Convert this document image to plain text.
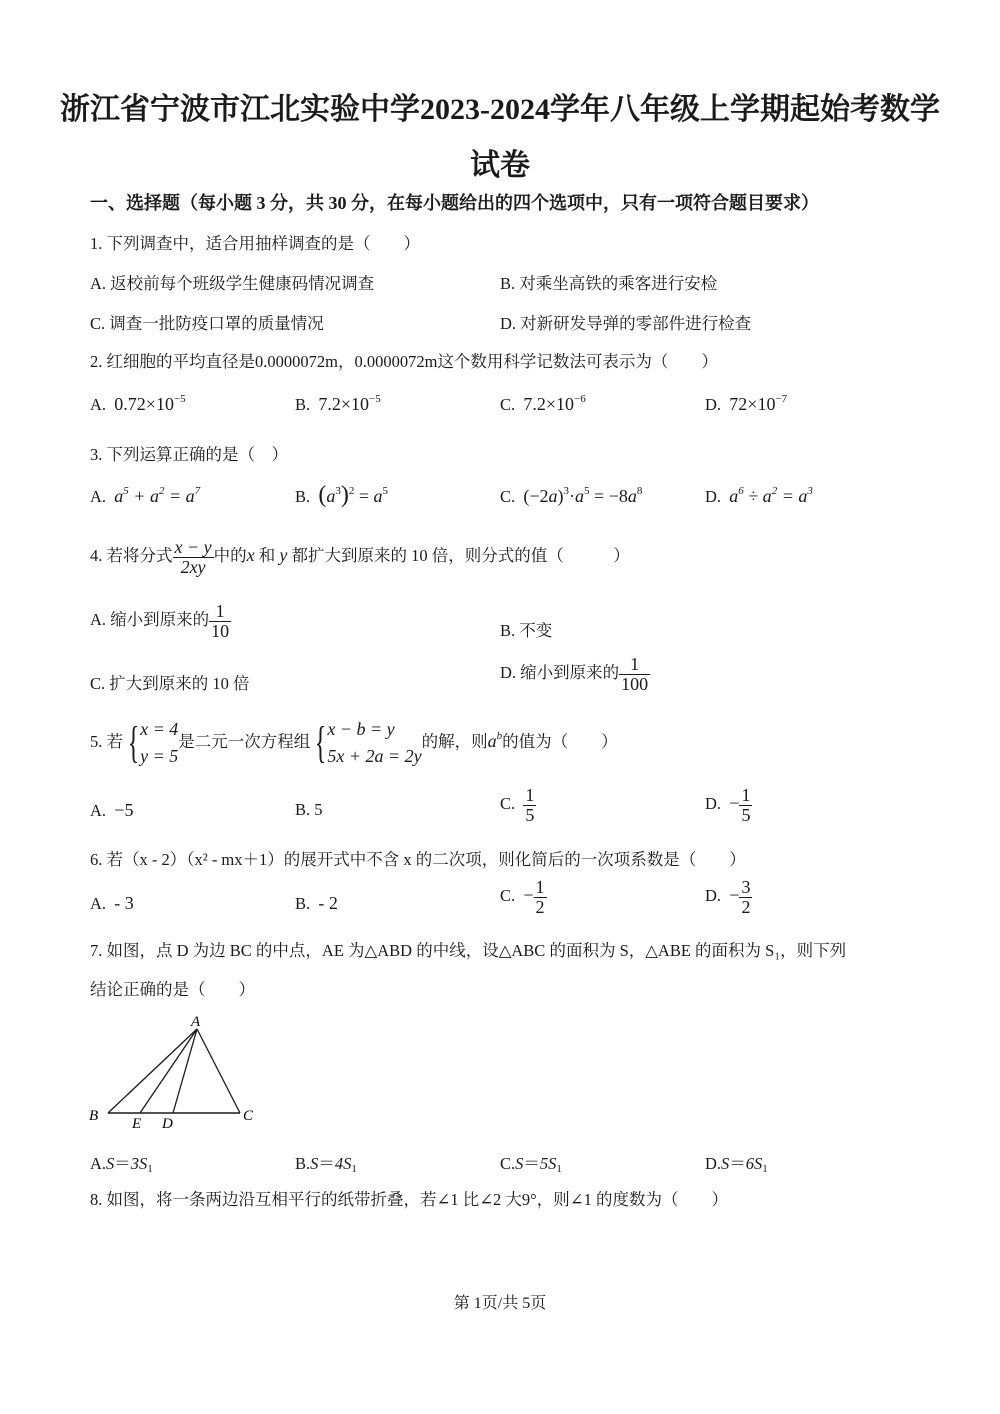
浙江省宁波市江北实验中学2023-2024学年八年级上学期起始考数学
试卷
一、选择题（每小题 3 分，共 30 分，在每小题给出的四个选项中，只有一项符合题目要求）
1. 下列调查中，适合用抽样调查的是（　　）
A. 返校前每个班级学生健康码情况调查	B. 对乘坐高铁的乘客进行安检
C. 调查一批防疫口罩的质量情况	D. 对新研发导弹的零部件进行检查
2. 红细胞的平均直径是0.0000072m，0.0000072m这个数用科学记数法可表示为（　　）
A. $0.72\times 10^{-5}$	B. $7.2\times 10^{-5}$	C. $7.2\times 10^{-6}$	D. $72\times 10^{-7}$
3. 下列运算正确的是（　）
A. $a^5 + a^2 = a^7$	B. $(a^3)^2 = a^5$	C. $(-2a)^3\cdot a^5 = -8a^8$	D. $a^6 \div a^2 = a^3$
4. 若将分式 $\frac{x - y}{2xy}$ 中的x 和 y 都扩大到原来的 10 倍，则分式的值（　　　）
A. 缩小到原来的 $\frac{1}{10}$	B. 不变
C. 扩大到原来的 10 倍
D. 缩小到原来的 $\frac{1}{100}$
5. 若 { x = 4
y = 5
是二元一次方程组 { x − b = y
5x + 2a = 2y
的解，则$a^b$的值为（　　）
A. −5	B. 5	C. $\frac{1}{5}$	D. − $\frac{1}{5}$
6. 若（x - 2）（x² - mx＋1）的展开式中不含 x 的二次项，则化简后的一次项系数是（　　）
A. - 3	B. - 2	C. − $\frac{1}{2}$	D. − $\frac{3}{2}$
7. 如图，点 D 为边 BC 的中点，AE 为△ABD 的中线，设△ABC 的面积为 S，△ABE 的面积为 S₁，则下列
结论正确的是（　　）
A
B	C
D
E
$A.S=3S_1$	$B.S=4S_1$	$C.S=5S_1$	$D.S=6S_1$
8. 如图，将一条两边沿互相平行的纸带折叠，若∠1 比∠2 大9°，则∠1 的度数为（　　）
第 1页/共 5页
